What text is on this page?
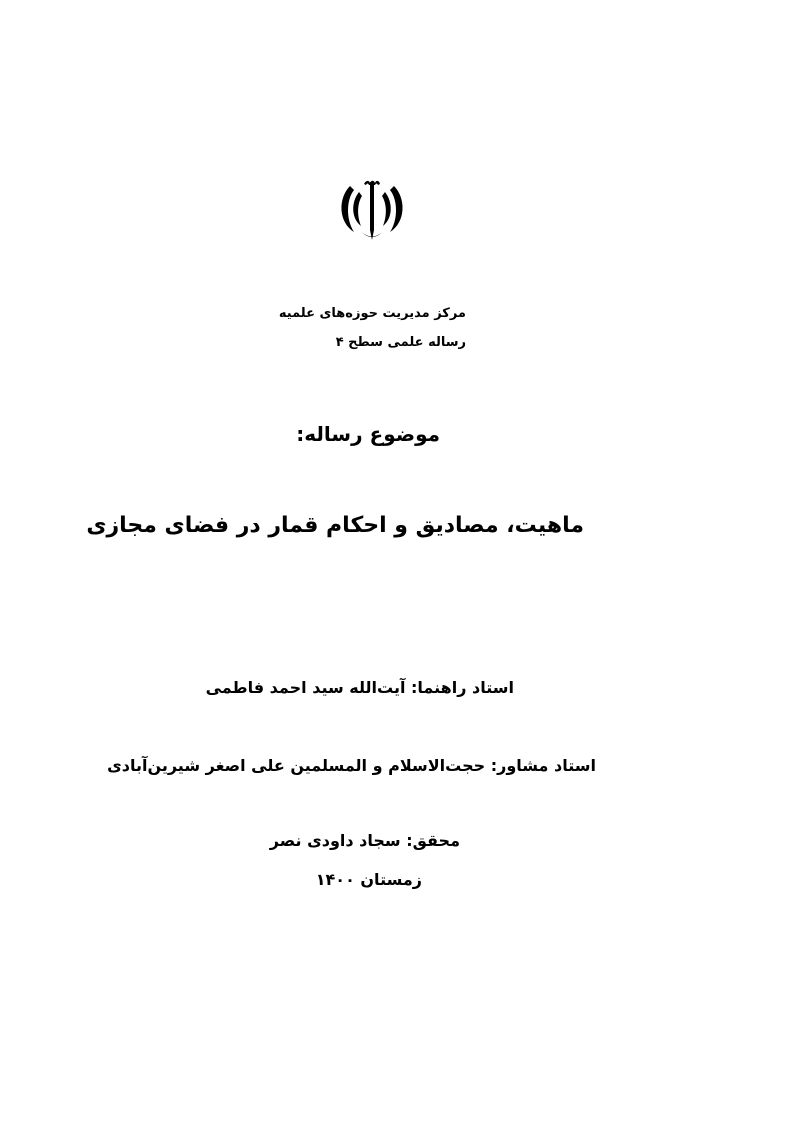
مرکز مدیریت حوزه‌های علمیه
رساله علمی سطح ۴
موضوع رساله:
ماهیت، مصادیق و احکام قمار در فضای مجازی
استاد راهنما: آیت‌الله سید احمد فاطمی
استاد مشاور: حجت‌الاسلام و المسلمین علی اصغر شیرین‌آبادی
محقق: سجاد داودی نصر
زمستان ۱۴۰۰
